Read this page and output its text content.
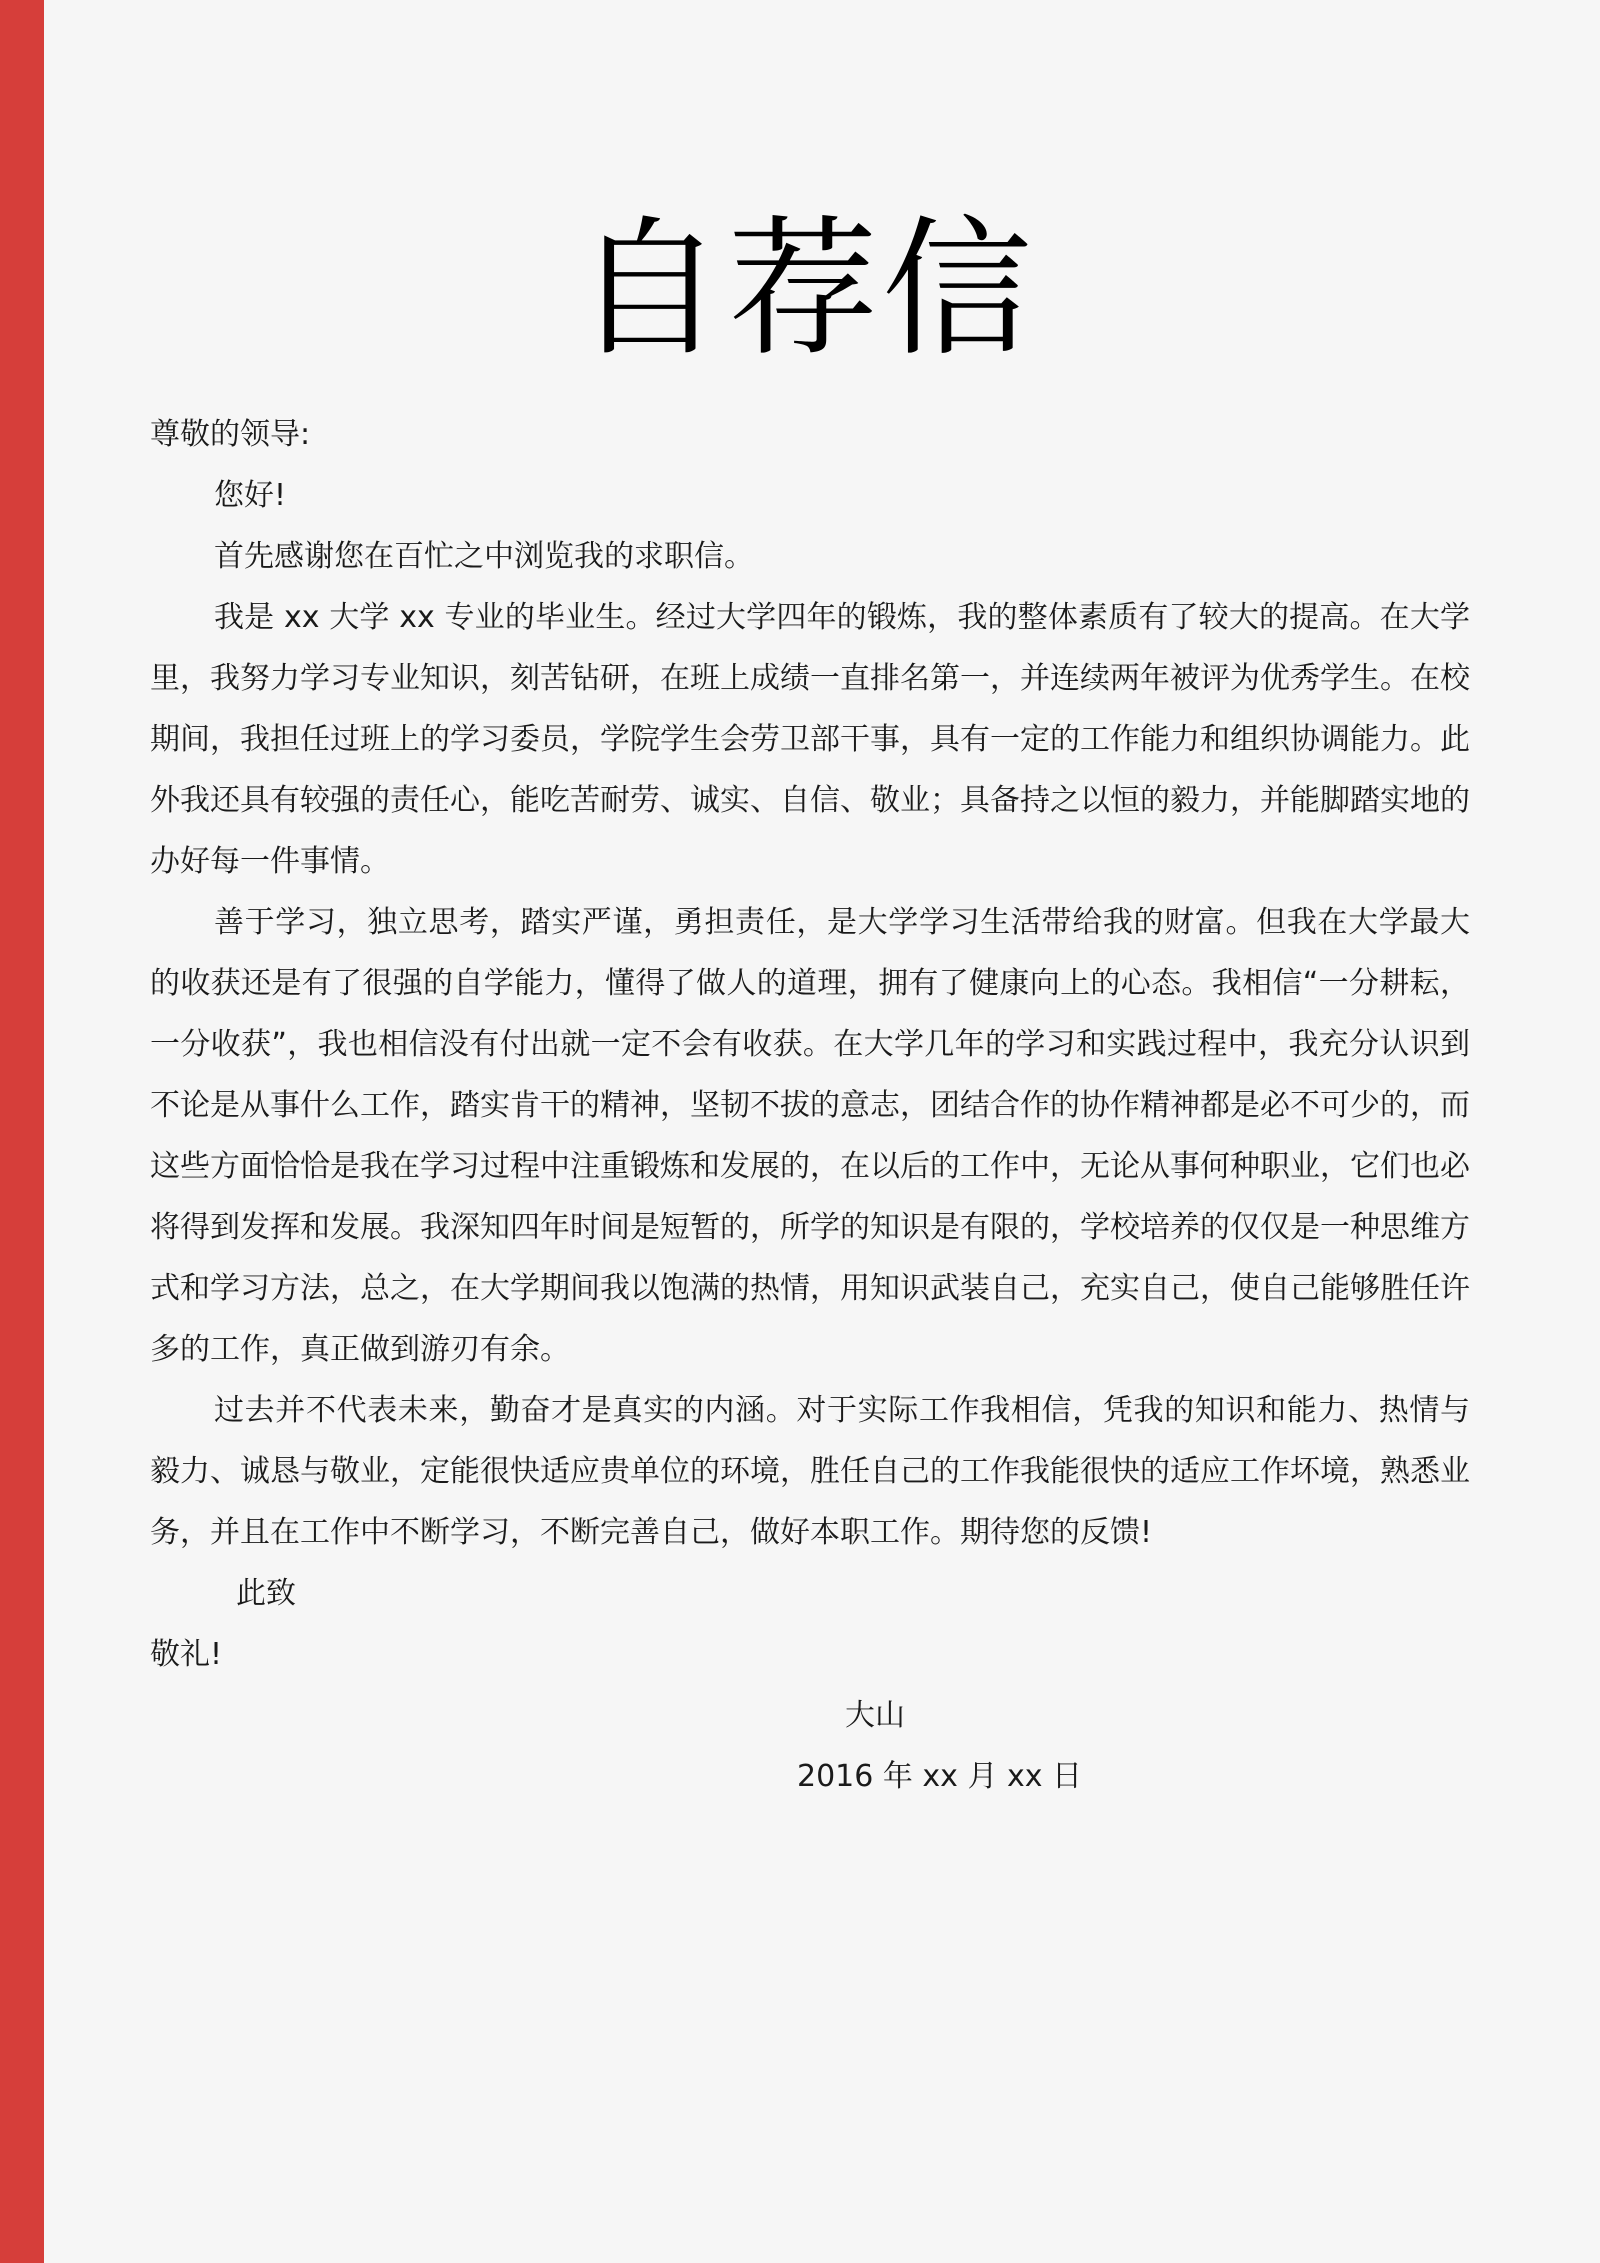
自荐信

尊敬的领导:

您好!

首先感谢您在百忙之中浏览我的求职信。

我是 xx 大学 xx 专业的毕业生。经过大学四年的锻炼，我的整体素质有了较大的提高。在大学里，我努力学习专业知识，刻苦钻研，在班上成绩一直排名第一，并连续两年被评为优秀学生。在校期间，我担任过班上的学习委员，学院学生会劳卫部干事，具有一定的工作能力和组织协调能力。此外我还具有较强的责任心，能吃苦耐劳、诚实、自信、敬业；具备持之以恒的毅力，并能脚踏实地的办好每一件事情。

善于学习，独立思考，踏实严谨，勇担责任，是大学学习生活带给我的财富。但我在大学最大的收获还是有了很强的自学能力，懂得了做人的道理，拥有了健康向上的心态。我相信“一分耕耘，一分收获”，我也相信没有付出就一定不会有收获。在大学几年的学习和实践过程中，我充分认识到不论是从事什么工作，踏实肯干的精神，坚韧不拔的意志，团结合作的协作精神都是必不可少的，而这些方面恰恰是我在学习过程中注重锻炼和发展的，在以后的工作中，无论从事何种职业，它们也必将得到发挥和发展。我深知四年时间是短暂的，所学的知识是有限的，学校培养的仅仅是一种思维方式和学习方法，总之，在大学期间我以饱满的热情，用知识武装自己，充实自己，使自己能够胜任许多的工作，真正做到游刃有余。

过去并不代表未来，勤奋才是真实的内涵。对于实际工作我相信，凭我的知识和能力、热情与毅力、诚恳与敬业，定能很快适应贵单位的环境，胜任自己的工作我能很快的适应工作坏境，熟悉业务，并且在工作中不断学习，不断完善自己，做好本职工作。期待您的反馈!

此致

敬礼!

大山

2016 年 xx 月 xx 日
